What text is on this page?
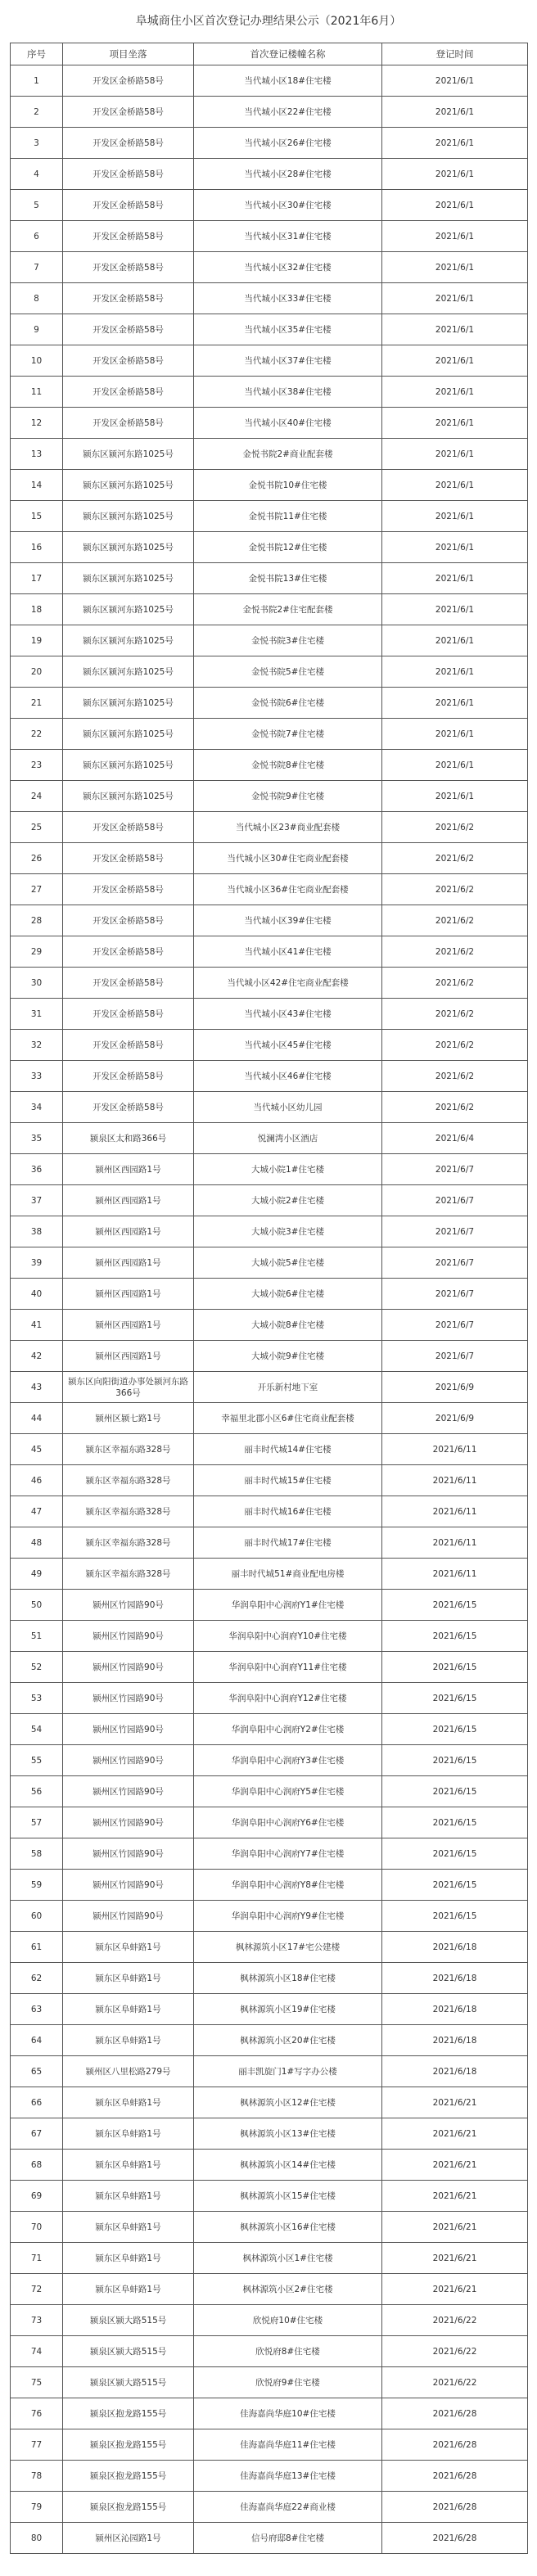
阜城商住小区首次登记办理结果公示（2021年6月）
序号	项目坐落	首次登记楼幢名称	登记时间
1	开发区金桥路58号	当代城小区18#住宅楼	2021/6/1
2	开发区金桥路58号	当代城小区22#住宅楼	2021/6/1
3	开发区金桥路58号	当代城小区26#住宅楼	2021/6/1
4	开发区金桥路58号	当代城小区28#住宅楼	2021/6/1
5	开发区金桥路58号	当代城小区30#住宅楼	2021/6/1
6	开发区金桥路58号	当代城小区31#住宅楼	2021/6/1
7	开发区金桥路58号	当代城小区32#住宅楼	2021/6/1
8	开发区金桥路58号	当代城小区33#住宅楼	2021/6/1
9	开发区金桥路58号	当代城小区35#住宅楼	2021/6/1
10	开发区金桥路58号	当代城小区37#住宅楼	2021/6/1
11	开发区金桥路58号	当代城小区38#住宅楼	2021/6/1
12	开发区金桥路58号	当代城小区40#住宅楼	2021/6/1
13	颍东区颍河东路1025号	金悦书院2#商业配套楼	2021/6/1
14	颍东区颍河东路1025号	金悦书院10#住宅楼	2021/6/1
15	颍东区颍河东路1025号	金悦书院11#住宅楼	2021/6/1
16	颍东区颍河东路1025号	金悦书院12#住宅楼	2021/6/1
17	颍东区颍河东路1025号	金悦书院13#住宅楼	2021/6/1
18	颍东区颍河东路1025号	金悦书院2#住宅配套楼	2021/6/1
19	颍东区颍河东路1025号	金悦书院3#住宅楼	2021/6/1
20	颍东区颍河东路1025号	金悦书院5#住宅楼	2021/6/1
21	颍东区颍河东路1025号	金悦书院6#住宅楼	2021/6/1
22	颍东区颍河东路1025号	金悦书院7#住宅楼	2021/6/1
23	颍东区颍河东路1025号	金悦书院8#住宅楼	2021/6/1
24	颍东区颍河东路1025号	金悦书院9#住宅楼	2021/6/1
25	开发区金桥路58号	当代城小区23#商业配套楼	2021/6/2
26	开发区金桥路58号	当代城小区30#住宅商业配套楼	2021/6/2
27	开发区金桥路58号	当代城小区36#住宅商业配套楼	2021/6/2
28	开发区金桥路58号	当代城小区39#住宅楼	2021/6/2
29	开发区金桥路58号	当代城小区41#住宅楼	2021/6/2
30	开发区金桥路58号	当代城小区42#住宅商业配套楼	2021/6/2
31	开发区金桥路58号	当代城小区43#住宅楼	2021/6/2
32	开发区金桥路58号	当代城小区45#住宅楼	2021/6/2
33	开发区金桥路58号	当代城小区46#住宅楼	2021/6/2
34	开发区金桥路58号	当代城小区幼儿园	2021/6/2
35	颍泉区太和路366号	悦澜湾小区酒店	2021/6/4
36	颍州区西园路1号	大城小院1#住宅楼	2021/6/7
37	颍州区西园路1号	大城小院2#住宅楼	2021/6/7
38	颍州区西园路1号	大城小院3#住宅楼	2021/6/7
39	颍州区西园路1号	大城小院5#住宅楼	2021/6/7
40	颍州区西园路1号	大城小院6#住宅楼	2021/6/7
41	颍州区西园路1号	大城小院8#住宅楼	2021/6/7
42	颍州区西园路1号	大城小院9#住宅楼	2021/6/7
43	颍东区向阳街道办事处颍河东路366号	开乐新村地下室	2021/6/9
44	颍州区颍七路1号	幸福里北郡小区6#住宅商业配套楼	2021/6/9
45	颍东区幸福东路328号	丽丰时代城14#住宅楼	2021/6/11
46	颍东区幸福东路328号	丽丰时代城15#住宅楼	2021/6/11
47	颍东区幸福东路328号	丽丰时代城16#住宅楼	2021/6/11
48	颍东区幸福东路328号	丽丰时代城17#住宅楼	2021/6/11
49	颍东区幸福东路328号	丽丰时代城51#商业配电房楼	2021/6/11
50	颍州区竹园路90号	华润阜阳中心润府Y1#住宅楼	2021/6/15
51	颍州区竹园路90号	华润阜阳中心润府Y10#住宅楼	2021/6/15
52	颍州区竹园路90号	华润阜阳中心润府Y11#住宅楼	2021/6/15
53	颍州区竹园路90号	华润阜阳中心润府Y12#住宅楼	2021/6/15
54	颍州区竹园路90号	华润阜阳中心润府Y2#住宅楼	2021/6/15
55	颍州区竹园路90号	华润阜阳中心润府Y3#住宅楼	2021/6/15
56	颍州区竹园路90号	华润阜阳中心润府Y5#住宅楼	2021/6/15
57	颍州区竹园路90号	华润阜阳中心润府Y6#住宅楼	2021/6/15
58	颍州区竹园路90号	华润阜阳中心润府Y7#住宅楼	2021/6/15
59	颍州区竹园路90号	华润阜阳中心润府Y8#住宅楼	2021/6/15
60	颍州区竹园路90号	华润阜阳中心润府Y9#住宅楼	2021/6/15
61	颍东区阜蚌路1号	枫林源筑小区17#宅公建楼	2021/6/18
62	颍东区阜蚌路1号	枫林源筑小区18#住宅楼	2021/6/18
63	颍东区阜蚌路1号	枫林源筑小区19#住宅楼	2021/6/18
64	颍东区阜蚌路1号	枫林源筑小区20#住宅楼	2021/6/18
65	颍州区八里松路279号	丽丰凯旋门1#写字办公楼	2021/6/18
66	颍东区阜蚌路1号	枫林源筑小区12#住宅楼	2021/6/21
67	颍东区阜蚌路1号	枫林源筑小区13#住宅楼	2021/6/21
68	颍东区阜蚌路1号	枫林源筑小区14#住宅楼	2021/6/21
69	颍东区阜蚌路1号	枫林源筑小区15#住宅楼	2021/6/21
70	颍东区阜蚌路1号	枫林源筑小区16#住宅楼	2021/6/21
71	颍东区阜蚌路1号	枫林源筑小区1#住宅楼	2021/6/21
72	颍东区阜蚌路1号	枫林源筑小区2#住宅楼	2021/6/21
73	颍泉区颍大路515号	欣悦府10#住宅楼	2021/6/22
74	颍泉区颍大路515号	欣悦府8#住宅楼	2021/6/22
75	颍泉区颍大路515号	欣悦府9#住宅楼	2021/6/22
76	颍泉区抱龙路155号	佳海嘉尚华庭10#住宅楼	2021/6/28
77	颍泉区抱龙路155号	佳海嘉尚华庭11#住宅楼	2021/6/28
78	颍泉区抱龙路155号	佳海嘉尚华庭13#住宅楼	2021/6/28
79	颍泉区抱龙路155号	佳海嘉尚华庭22#商业楼	2021/6/28
80	颍州区沁园路1号	信号府邸8#住宅楼	2021/6/28
